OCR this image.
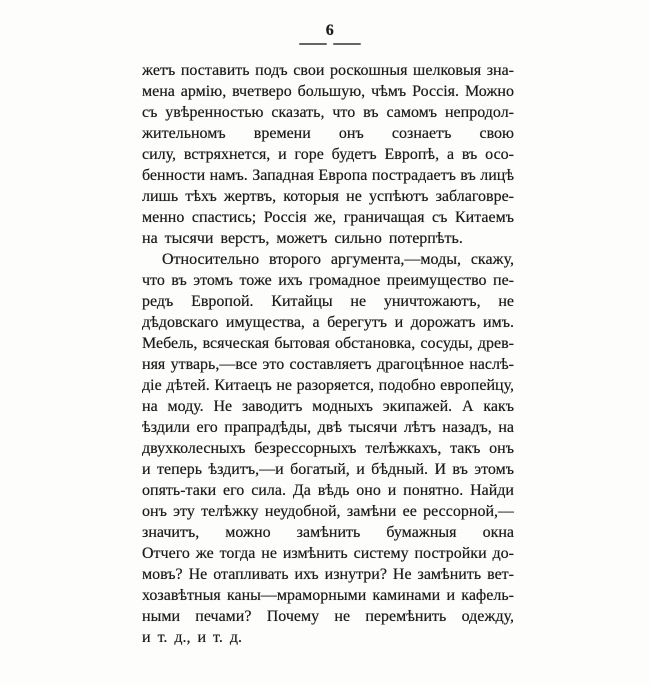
6
жетъ поставить подъ свои роскошныя шелковыя зна-
мена армію, вчетверо большую, чѣмъ Россія. Можно
съ увѣренностью сказать, что въ самомъ непродол-
жительномъ времени онъ сознаетъ свою
силу, встряхнется, и горе будетъ Европѣ, а въ осо-
бенности намъ. Западная Европа пострадаетъ въ лицѣ
лишь тѣхъ жертвъ, которыя не успѣютъ заблаговре-
менно спастись; Россія же, граничащая съ Китаемъ
на тысячи верстъ, можетъ сильно потерпѣть.
Относительно второго аргумента,—моды, скажу,
что въ этомъ тоже ихъ громадное преимущество пе-
редъ Европой. Китайцы не уничтожаютъ, не
дѣдовскаго имущества, а берегутъ и дорожатъ имъ.
Мебель, всяческая бытовая обстановка, сосуды, древ-
няя утварь,—все это составляетъ драгоцѣнное наслѣ-
діе дѣтей. Китаецъ не разоряется, подобно европейцу,
на моду. Не заводитъ модныхъ экипажей. А какъ
ѣздили его прапрадѣды, двѣ тысячи лѣтъ назадъ, на
двухколесныхъ безрессорныхъ телѣжкахъ, такъ онъ
и теперь ѣздитъ,—и богатый, и бѣдный. И въ этомъ
опять-таки его сила. Да вѣдь оно и понятно. Найди
онъ эту телѣжку неудобной, замѣни ее рессорной,—
значитъ, можно замѣнить бумажныя окна
Отчего же тогда не измѣнить систему постройки до-
мовъ? Не отапливать ихъ изнутри? Не замѣнить вет-
хозавѣтныя каны—мраморными каминами и кафель-
ными печами? Почему не перемѣнить одежду,
и т. д., и т. д.
